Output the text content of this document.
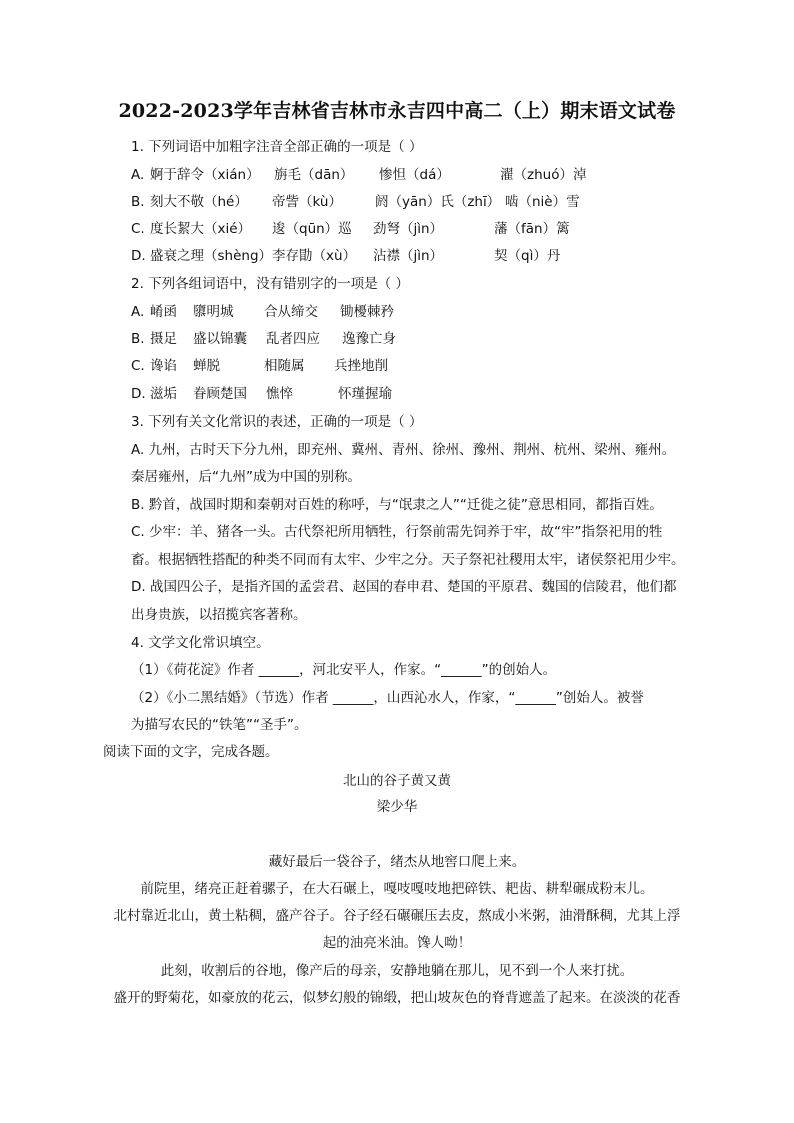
2022-2023学年吉林省吉林市永吉四中高二（上）期末语文试卷
1. 下列词语中加粗字注音全部正确的一项是（ ）
A. 婀于辞令（xián） 旃毛（dān） 惨怛（dá）	濯（zhuó）淖
B. 刻大不敬（hé） 帝訾（kù） 阏（yān）氏（zhī） 啮（niè）雪
C. 度长絜大（xié） 逡（qūn）巡 劲弩（jìn）	藩（fān）篱
D. 盛衰之理（shèng）李存勖（xù） 沾襟（jìn）	契（qì）丹
2. 下列各组词语中，没有错别字的一项是（ ）
A. 崤函 隳明城 合从缔交 锄櫌棘矜
B. 摄足 盛以锦囊 乱者四应 逸豫亡身
C. 谗谄 蝉脱	相随属 兵挫地削
D. 滋垢 眷顾楚国 憔悴	怀瑾握瑜
3. 下列有关文化常识的表述，正确的一项是（ ）
A. 九州，古时天下分九州，即充州、冀州、青州、徐州、豫州、荆州、杭州、梁州、雍州。
秦居雍州，后“九州”成为中国的别称。
B. 黔首，战国时期和秦朝对百姓的称呼，与“氓隶之人”“迁徙之徒”意思相同，都指百姓。
C. 少牢：羊、猪各一头。古代祭祀所用牺牲，行祭前需先饲养于牢，故“牢”指祭祀用的牲
畜。根据牺牲搭配的种类不同而有太牢、少牢之分。天子祭祀社稷用太牢，诸侯祭祀用少牢。
D. 战国四公子，是指齐国的孟尝君、赵国的春申君、楚国的平原君、魏国的信陵君，他们都
出身贵族，以招揽宾客著称。
4. 文学文化常识填空。
（1）《荷花淀》作者 ______，河北安平人，作家。“______”的创始人。
（2）《小二黑结婚》（节选）作者 ______，山西沁水人，作家，“______”创始人。被誉
为描写农民的“铁笔”“圣手”。
阅读下面的文字，完成各题。
北山的谷子黄又黄
梁少华
藏好最后一袋谷子，绪杰从地窖口爬上来。
前院里，绪亮正赶着骡子，在大石碾上，嘎吱嘎吱地把碎铁、耙齿、耕犁碾成粉末儿。
北村靠近北山，黄土粘稠，盛产谷子。谷子经石碾碾压去皮，熬成小米粥，油滑酥稠，尤其上浮
起的油亮米油。馋人呦！
此刻，收割后的谷地，像产后的母亲，安静地躺在那儿，见不到一个人来打扰。
盛开的野菊花，如豪放的花云，似梦幻般的锦缎，把山坡灰色的脊背遮盖了起来。在淡淡的花香
